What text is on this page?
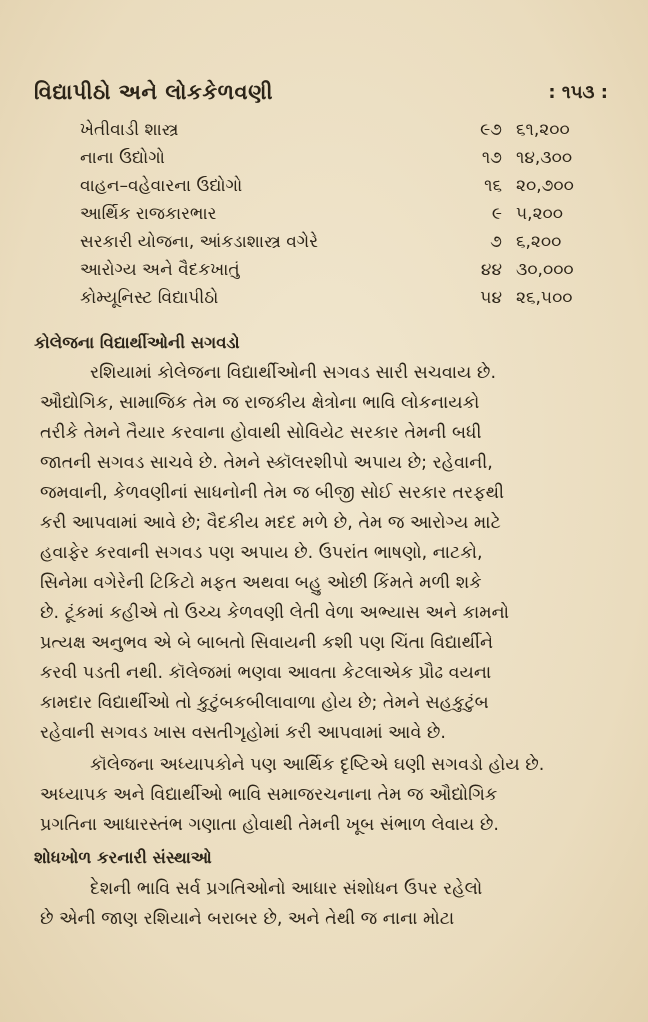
વિદ્યાપીઠો અને લોકકેળવણી	: ૧૫૩ :
ખેતીવાડી શાસ્ત્ર	૯૭ ૬૧,૨૦૦
નાના ઉદ્યોગો	૧૭ ૧૪,૩૦૦
વાહન–વહેવારના ઉદ્યોગો	૧૬ ૨૦,૭૦૦
આર્થિક રાજકારભાર	૯ ૫,૨૦૦
સરકારી યોજના, આંકડાશાસ્ત્ર વગેરે	૭ ૬,૨૦૦
આરોગ્ય અને વૈદકખાતું	૪૪ ૩૦,૦૦૦
કોમ્યૂનિસ્ટ વિદ્યાપીઠો	૫૪ ૨૬,૫૦૦
કોલેજના વિદ્યાર્થીઓની સગવડો
રશિયામાં કોલેજના વિદ્યાર્થીઓની સગવડ સારી સચવાય છે.
ઔદ્યોગિક, સામાજિક તેમ જ રાજકીય ક્ષેત્રોના ભાવિ લોકનાયકો
તરીકે તેમને તૈયાર કરવાના હોવાથી સોવિયેટ સરકાર તેમની બધી
જાતની સગવડ સાચવે છે. તેમને સ્કૉલરશીપો અપાય છે; રહેવાની,
જમવાની, કેળવણીનાં સાધનોની તેમ જ બીજી સોઈ સરકાર તરફથી
કરી આપવામાં આવે છે; વૈદકીય મદદ મળે છે, તેમ જ આરોગ્ય માટે
હવાફેર કરવાની સગવડ પણ અપાય છે. ઉપરાંત ભાષણો, નાટકો,
સિનેમા વગેરેની ટિકિટો મફત અથવા બહુ ઓછી કિંમતે મળી શકે
છે. ટૂંકમાં કહીએ તો ઉચ્ચ કેળવણી લેતી વેળા અભ્યાસ અને કામનો
પ્રત્યક્ષ અનુભવ એ બે બાબતો સિવાયની કશી પણ ચિંતા વિદ્યાર્થીને
કરવી પડતી નથી. કૉલેજમાં ભણવા આવતા કેટલાએક પ્રૌઢ વયના
કામદાર વિદ્યાર્થીઓ તો કુટુંબકબીલાવાળા હોય છે; તેમને સહકુટુંબ
રહેવાની સગવડ ખાસ વસતીગૃહોમાં કરી આપવામાં આવે છે.
કૉલેજના અધ્યાપકોને પણ આર્થિક દૃષ્ટિએ ઘણી સગવડો હોય છે.
અધ્યાપક અને વિદ્યાર્થીઓ ભાવિ સમાજરચનાના તેમ જ ઔદ્યોગિક
પ્રગતિના આધારસ્તંભ ગણાતા હોવાથી તેમની ખૂબ સંભાળ લેવાય છે.
શોધખોળ કરનારી સંસ્થાઓ
દેશની ભાવિ સર્વ પ્રગતિઓનો આધાર સંશોધન ઉપર રહેલો
છે એની જાણ રશિયાને બરાબર છે, અને તેથી જ નાના મોટા
